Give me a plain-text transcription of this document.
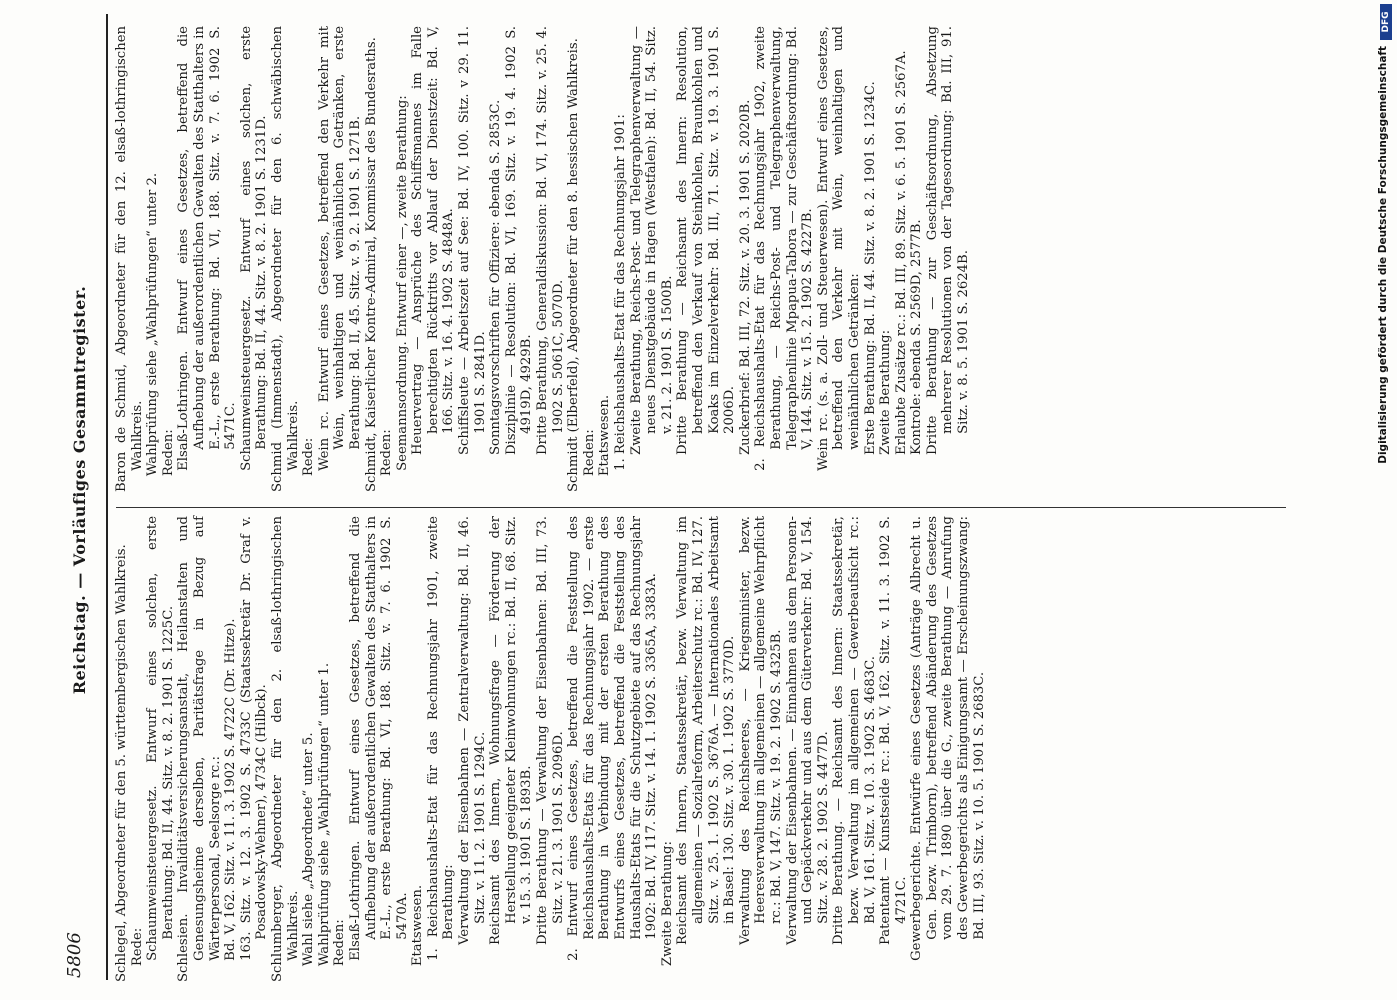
5806
Reichstag. — Vorläufiges Gesammtregister.

Schlegel, Abgeordneter für den 5. württembergischen Wahlkreis. Rede: Schaumweinsteuergesetz. Entwurf eines solchen, erste Berathung: Bd. II, 44. Sitz. v. 8. 2. 1901 S. 1225C. Schlesien. Invaliditätsversicherungsanstalt, Heilanstalten und Genesungsheime derselben, Paritätsfrage in Bezug auf Wärterpersonal, Seelsorge rc.: Bd. V, 162. Sitz. v. 11. 3. 1902 S. 4722C (Dr. Hitze). 163. Sitz. v. 12. 3. 1902 S. 4733C (Staatssekretär Dr. Graf v. Posadowsky-Wehner), 4734C (Hilbck). Schlumberger, Abgeordneter für den 2. elsaß-lothringischen Wahlkreis. Wahl siehe „Abgeordnete“ unter 5. Wahlprüfung siehe „Wahlprüfungen“ unter 1. Reden: Elsaß-Lothringen. Entwurf eines Gesetzes, betreffend die Aufhebung der außerordentlichen Gewalten des Statthalters in E.-L., erste Berathung: Bd. VI, 188. Sitz. v. 7. 6. 1902 S. 5470A. Etatswesen. 1. Reichshaushalts-Etat für das Rechnungsjahr 1901, zweite Berathung: Verwaltung der Eisenbahnen — Zentralverwaltung: Bd. II, 46. Sitz. v. 11. 2. 1901 S. 1294C. Reichsamt des Innern, Wohnungsfrage — Förderung der Herstellung geeigneter Kleinwohnungen rc.: Bd. II, 68. Sitz. v. 15. 3. 1901 S. 1893B. Dritte Berathung — Verwaltung der Eisenbahnen: Bd. III, 73. Sitz. v. 21. 3. 1901 S. 2096D. 2. Entwurf eines Gesetzes, betreffend die Feststellung des Reichshaushalts-Etats für das Rechnungsjahr 1902. — erste Berathung in Verbindung mit der ersten Berathung des Entwurfs eines Gesetzes, betreffend die Feststellung des Haushalts-Etats für die Schutzgebiete auf das Rechnungsjahr 1902: Bd. IV, 117. Sitz. v. 14. 1. 1902 S. 3365A, 3383A. Zweite Berathung: Reichsamt des Innern, Staatssekretär, bezw. Verwaltung im allgemeinen — Sozialreform, Arbeiterschutz rc.: Bd. IV, 127. Sitz. v. 25. 1. 1902 S. 3676A. — Internationales Arbeitsamt in Basel: 130. Sitz. v. 30. 1. 1902 S. 3770D. Verwaltung des Reichsheeres, — Kriegsminister, bezw. Heeresverwaltung im allgemeinen — allgemeine Wehrpflicht rc.: Bd. V, 147. Sitz. v. 19. 2. 1902 S. 4325B. Verwaltung der Eisenbahnen. — Einnahmen aus dem Personen- und Gepäckverkehr und aus dem Güterverkehr: Bd. V, 154. Sitz. v. 28. 2. 1902 S. 4477D. Dritte Berathung. — Reichsamt des Innern: Staatssekretär, bezw. Verwaltung im allgemeinen — Gewerbeaufsicht rc.: Bd. V, 161. Sitz. v. 10. 3. 1902 S. 4683C. Patentamt — Kunstseide rc.: Bd. V, 162. Sitz. v. 11. 3. 1902 S. 4721C. Gewerbegerichte. Entwürfe eines Gesetzes (Anträge Albrecht u. Gen. bezw. Trimborn), betreffend Abänderung des Gesetzes vom 29. 7. 1890 über die G., zweite Berathung — Anrufung des Gewerbegerichts als Einigungsamt — Erscheinungszwang: Bd. III, 93. Sitz. v. 10. 5. 1901 S. 2683C.

Baron de Schmid, Abgeordneter für den 12. elsaß-lothringischen Wahlkreis. Wahlprüfung siehe „Wahlprüfungen“ unter 2. Reden: Elsaß-Lothringen. Entwurf eines Gesetzes, betreffend die Aufhebung der außerordentlichen Gewalten des Statthalters in E.-L., erste Berathung: Bd. VI, 188. Sitz. v. 7. 6. 1902 S. 5471C. Schaumweinsteuergesetz. Entwurf eines solchen, erste Berathung: Bd. II, 44. Sitz. v. 8. 2. 1901 S. 1231D. Schmid (Immenstadt), Abgeordneter für den 6. schwäbischen Wahlkreis. Rede: Wein rc. Entwurf eines Gesetzes, betreffend den Verkehr mit Wein, weinhaltigen und weinähnlichen Getränken, erste Berathung: Bd. II, 45. Sitz. v. 9. 2. 1901 S. 1271B. Schmidt, Kaiserlicher Kontre-Admiral, Kommissar des Bundesraths. Reden: Seemannsordnung. Entwurf einer —, zweite Berathung: Heuervertrag — Ansprüche des Schiffsmannes im Falle berechtigten Rücktritts vor Ablauf der Dienstzeit: Bd. V, 166. Sitz. v. 16. 4. 1902 S. 4848A. Schiffsleute — Arbeitszeit auf See: Bd. IV, 100. Sitz. v 29. 11. 1901 S. 2841D. Sonntagsvorschriften für Offiziere: ebenda S. 2853C. Disziplinie — Resolution: Bd. VI, 169. Sitz. v. 19. 4. 1902 S. 4919D, 4929B. Dritte Berathung, Generaldiskussion: Bd. VI, 174. Sitz. v. 25. 4. 1902 S. 5061C, 5070D. Schmidt (Elberfeld), Abgeordneter für den 8. hessischen Wahlkreis. Reden: Etatswesen. 1. Reichshaushalts-Etat für das Rechnungsjahr 1901: Zweite Berathung, Reichs-Post- und Telegraphenverwaltung — neues Dienstgebäude in Hagen (Westfalen): Bd. II, 54. Sitz. v. 21. 2. 1901 S. 1500B. Dritte Berathung — Reichsamt des Innern: Resolution, betreffend den Verkauf von Steinkohlen, Braunkohlen und Koaks im Einzelverkehr: Bd. III, 71. Sitz. v. 19. 3. 1901 S. 2006D. Zuckerbrief: Bd. III, 72. Sitz. v. 20. 3. 1901 S. 2020B. 2. Reichshaushalts-Etat für das Rechnungsjahr 1902, zweite Berathung, — Reichs-Post- und Telegraphenverwaltung, Telegraphenlinie Mpapua-Tabora — zur Geschäftsordnung: Bd. V, 144. Sitz. v. 15. 2. 1902 S. 4227B. Wein rc. (s. a. Zoll- und Steuerwesen). Entwurf eines Gesetzes, betreffend den Verkehr mit Wein, weinhaltigen und weinähnlichen Getränken: Erste Berathung: Bd. II, 44. Sitz. v. 8. 2. 1901 S. 1234C. Zweite Berathung: Erlaubte Zusätze rc.: Bd. III, 89. Sitz. v. 6. 5. 1901 S. 2567A. Kontrole: ebenda S. 2569D, 2577B. Dritte Berathung — zur Geschäftsordnung, Absetzung mehrerer Resolutionen von der Tagesordnung: Bd. III, 91. Sitz. v. 8. 5. 1901 S. 2624B.	Digitalisierung gefördert durch die Deutsche Forschungsgemeinschaft
DFG
